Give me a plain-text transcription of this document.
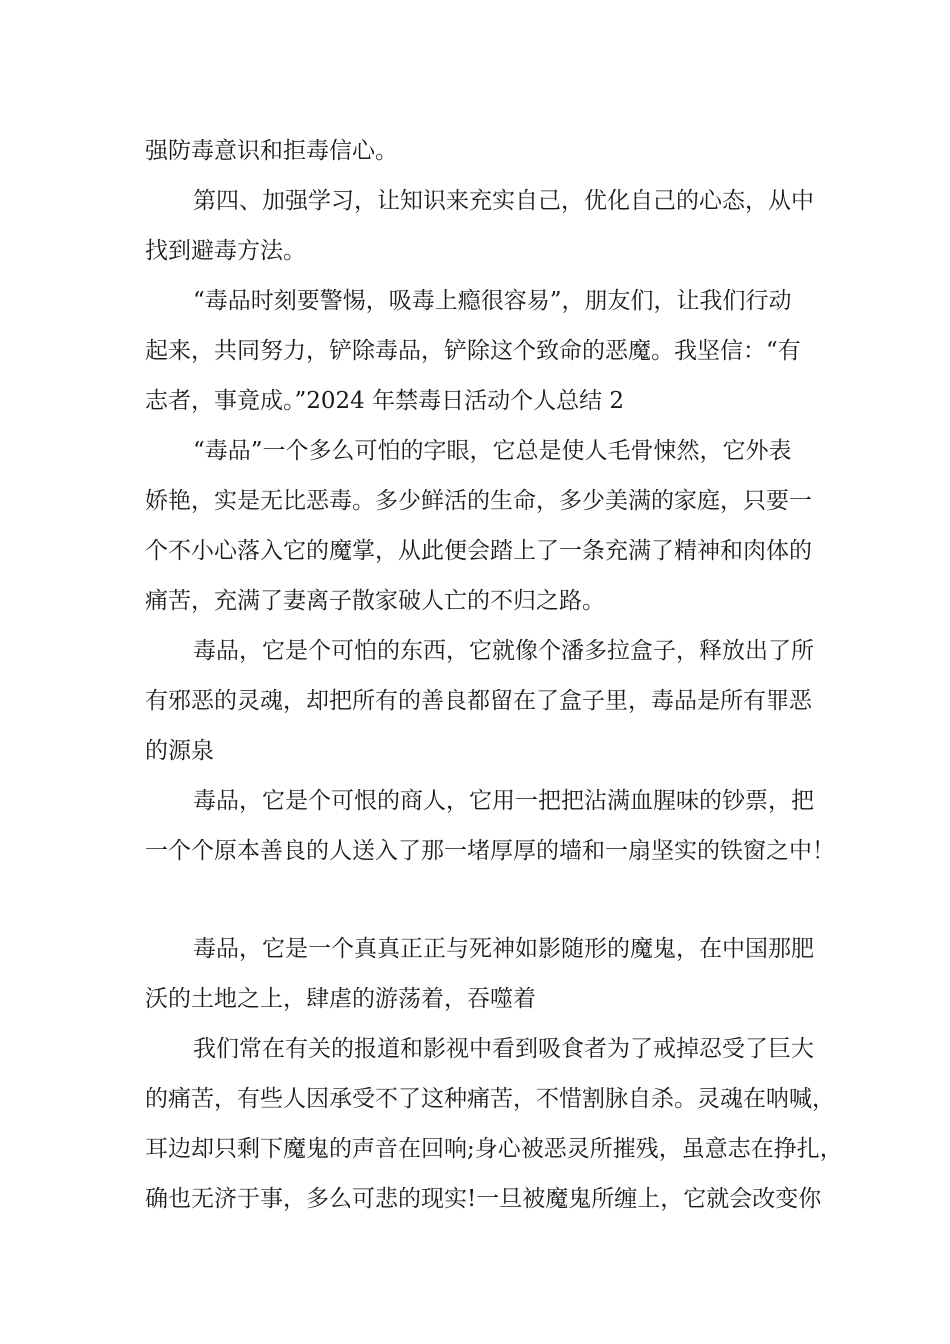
强防毒意识和拒毒信心。
第四、加强学习，让知识来充实自己，优化自己的心态，从中
找到避毒方法。
“毒品时刻要警惕，吸毒上瘾很容易”，朋友们，让我们行动
起来，共同努力，铲除毒品，铲除这个致命的恶魔。我坚信：“有
志者，事竟成。”2024 年禁毒日活动个人总结 2
“毒品”一个多么可怕的字眼，它总是使人毛骨悚然，它外表
娇艳，实是无比恶毒。多少鲜活的生命，多少美满的家庭，只要一
个不小心落入它的魔掌，从此便会踏上了一条充满了精神和肉体的
痛苦，充满了妻离子散家破人亡的不归之路。
毒品，它是个可怕的东西，它就像个潘多拉盒子，释放出了所
有邪恶的灵魂，却把所有的善良都留在了盒子里，毒品是所有罪恶
的源泉
毒品，它是个可恨的商人，它用一把把沾满血腥味的钞票，把
一个个原本善良的人送入了那一堵厚厚的墙和一扇坚实的铁窗之中！
毒品，它是一个真真正正与死神如影随形的魔鬼，在中国那肥
沃的土地之上，肆虐的游荡着，吞噬着
我们常在有关的报道和影视中看到吸食者为了戒掉忍受了巨大
的痛苦，有些人因承受不了这种痛苦，不惜割脉自杀。灵魂在呐喊，
耳边却只剩下魔鬼的声音在回响;身心被恶灵所摧残，虽意志在挣扎，
确也无济于事，多么可悲的现实!一旦被魔鬼所缠上，它就会改变你
